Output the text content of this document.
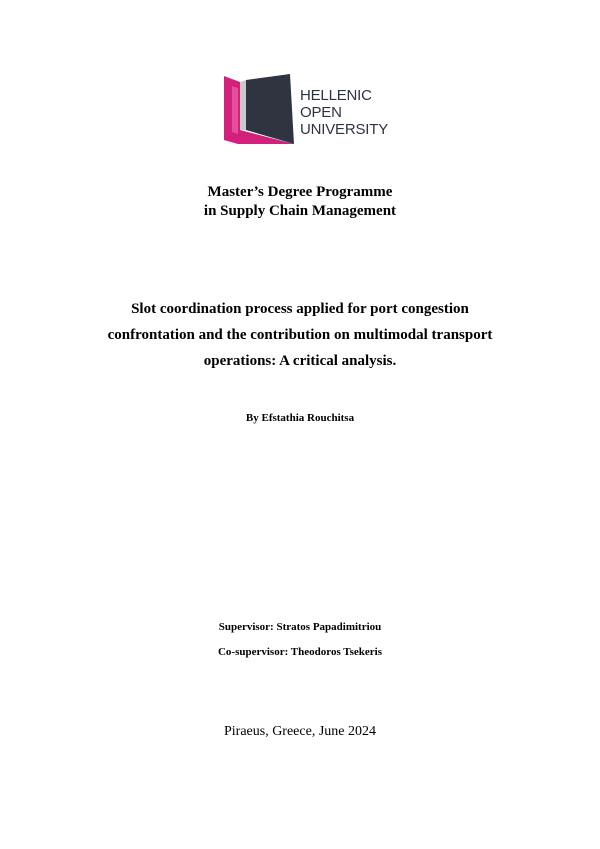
HELLENIC
OPEN
UNIVERSITY

Master’s Degree Programme
in Supply Chain Management

Slot coordination process applied for port congestion
confrontation and the contribution on multimodal transport
operations: A critical analysis.

By Efstathia Rouchitsa

Supervisor: Stratos Papadimitriou
Co-supervisor: Theodoros Tsekeris

Piraeus, Greece, June 2024
